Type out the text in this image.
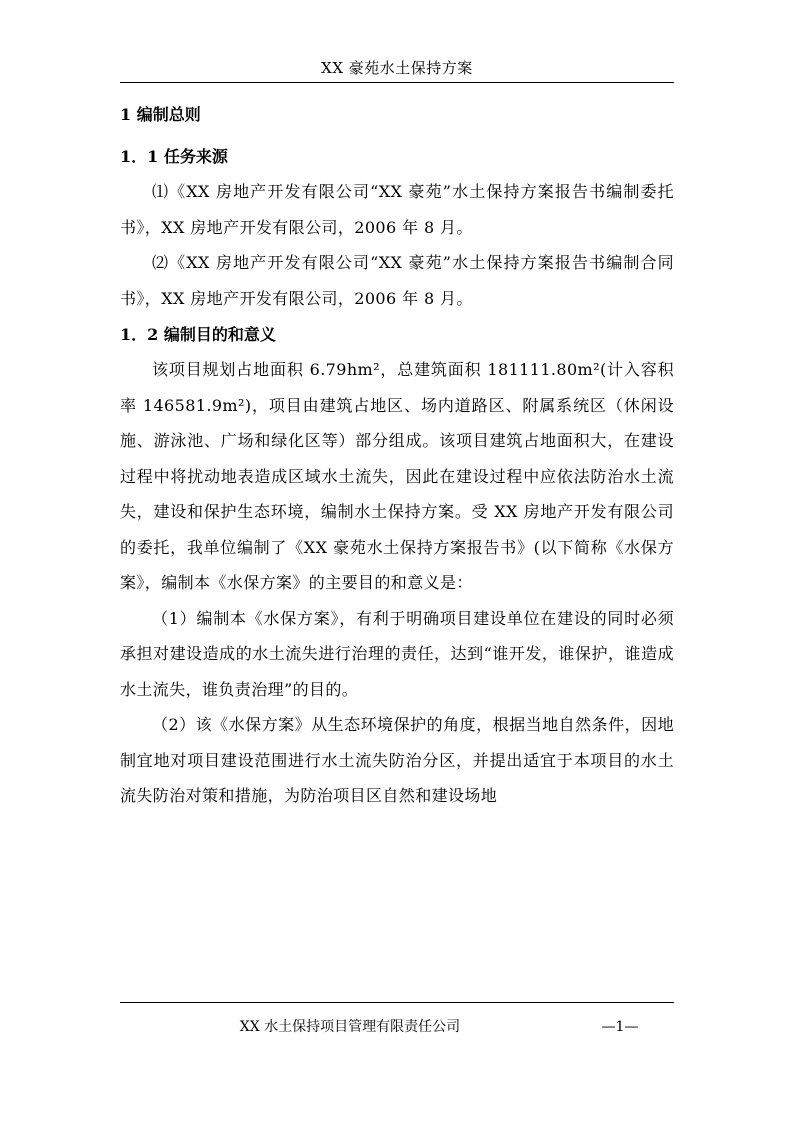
XX 豪苑水土保持方案

1 编制总则

1．1 任务来源

⑴《XX 房地产开发有限公司“XX 豪苑”水土保持方案报告书编制委托书》，XX 房地产开发有限公司，2006 年 8 月。

⑵《XX 房地产开发有限公司“XX 豪苑”水土保持方案报告书编制合同书》，XX 房地产开发有限公司，2006 年 8 月。

1．2 编制目的和意义

该项目规划占地面积 6.79hm²，总建筑面积 181111.80m²(计入容积率 146581.9m²)，项目由建筑占地区、场内道路区、附属系统区（休闲设施、游泳池、广场和绿化区等）部分组成。该项目建筑占地面积大，在建设过程中将扰动地表造成区域水土流失，因此在建设过程中应依法防治水土流失，建设和保护生态环境，编制水土保持方案。受 XX 房地产开发有限公司的委托，我单位编制了《XX 豪苑水土保持方案报告书》(以下简称《水保方案》，编制本《水保方案》的主要目的和意义是：

（1）编制本《水保方案》，有利于明确项目建设单位在建设的同时必须承担对建设造成的水土流失进行治理的责任，达到“谁开发，谁保护，谁造成水土流失，谁负责治理”的目的。

（2）该《水保方案》从生态环境保护的角度，根据当地自然条件，因地制宜地对项目建设范围进行水土流失防治分区，并提出适宜于本项目的水土流失防治对策和措施，为防治项目区自然和建设场地

XX 水土保持项目管理有限责任公司	—1—
